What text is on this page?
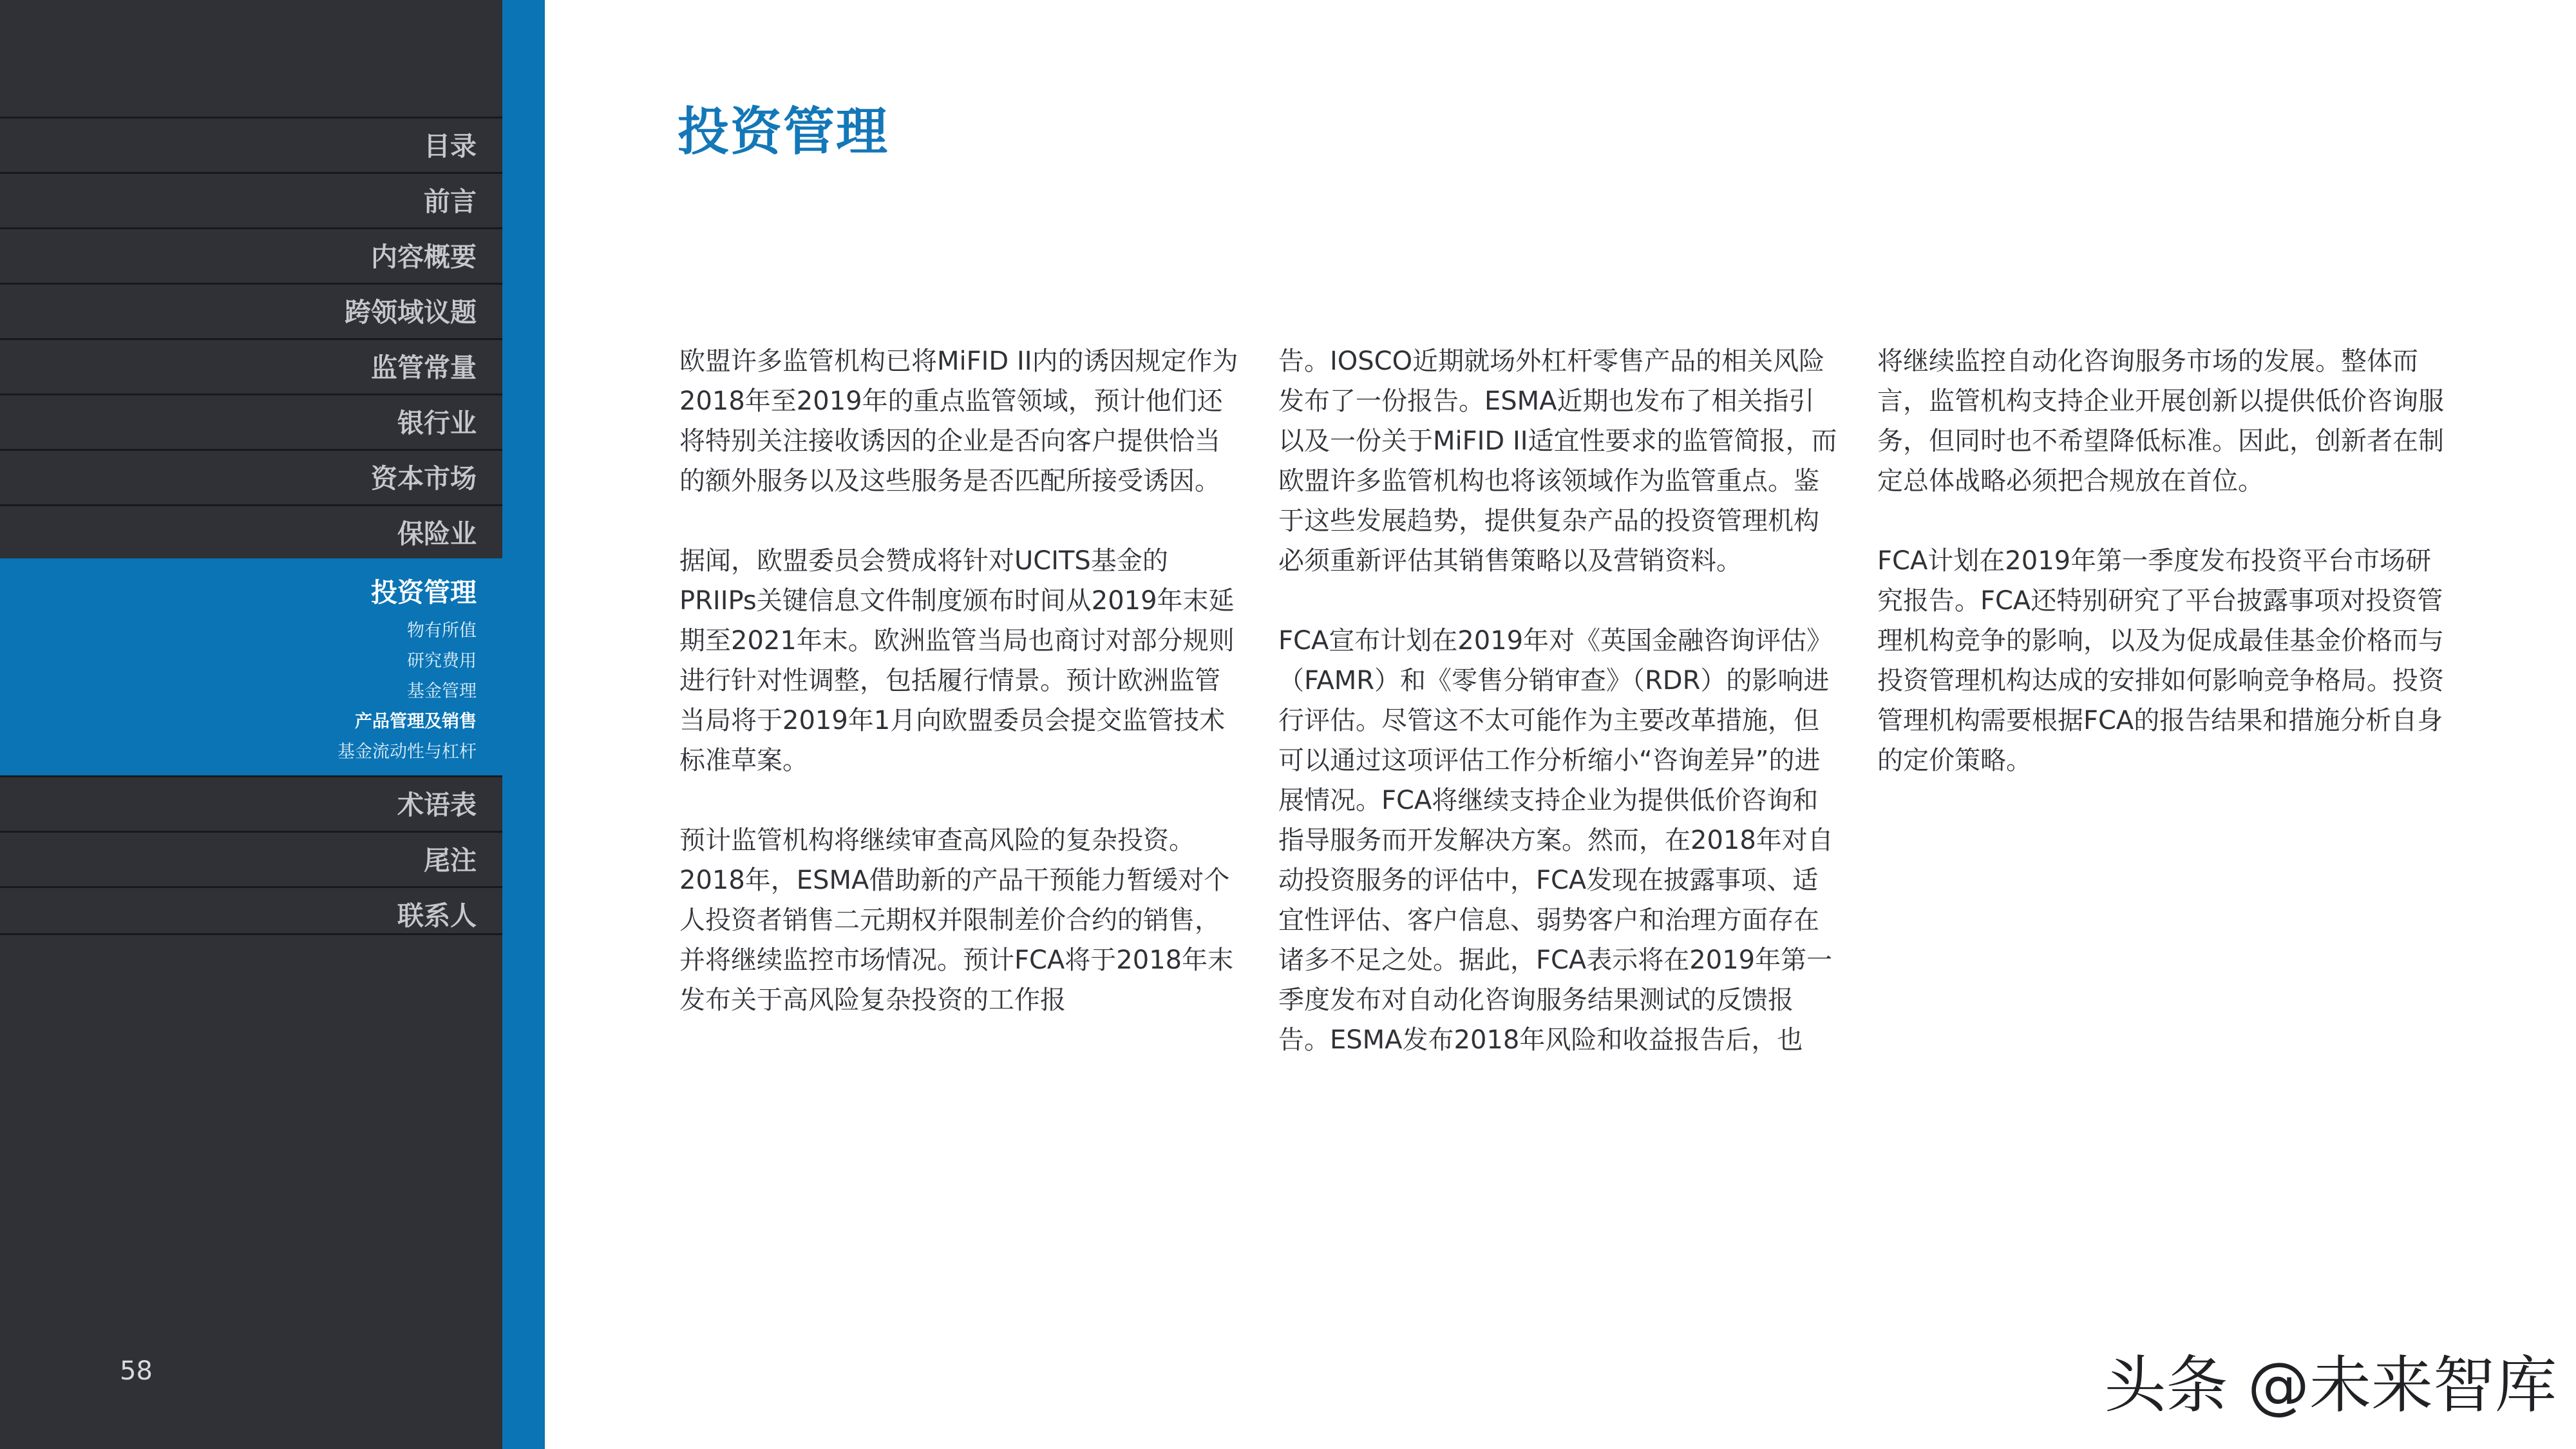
目录
前言
内容概要
跨领域议题
监管常量
银行业
资本市场
保险业
投资管理
物有所值
研究费用
基金管理
产品管理及销售
基金流动性与杠杆
术语表
尾注
联系人
58
投资管理

欧盟许多监管机构已将MiFID II内的诱因规定作为2018年至2019年的重点监管领域，预计他们还将特别关注接收诱因的企业是否向客户提供恰当的额外服务以及这些服务是否匹配所接受诱因。

据闻，欧盟委员会赞成将针对UCITS基金的PRIIPs关键信息文件制度颁布时间从2019年末延期至2021年末。欧洲监管当局也商讨对部分规则进行针对性调整，包括履行情景。预计欧洲监管当局将于2019年1月向欧盟委员会提交监管技术标准草案。

预计监管机构将继续审查高风险的复杂投资。2018年，ESMA借助新的产品干预能力暂缓对个人投资者销售二元期权并限制差价合约的销售，并将继续监控市场情况。预计FCA将于2018年末发布关于高风险复杂投资的工作报

告。IOSCO近期就场外杠杆零售产品的相关风险发布了一份报告。ESMA近期也发布了相关指引以及一份关于MiFID II适宜性要求的监管简报，而欧盟许多监管机构也将该领域作为监管重点。鉴于这些发展趋势，提供复杂产品的投资管理机构必须重新评估其销售策略以及营销资料。

FCA宣布计划在2019年对《英国金融咨询评估》（FAMR）和《零售分销审查》（RDR）的影响进行评估。尽管这不太可能作为主要改革措施，但可以通过这项评估工作分析缩小“咨询差异”的进展情况。FCA将继续支持企业为提供低价咨询和指导服务而开发解决方案。然而，在2018年对自动投资服务的评估中，FCA发现在披露事项、适宜性评估、客户信息、弱势客户和治理方面存在诸多不足之处。据此，FCA表示将在2019年第一季度发布对自动化咨询服务结果测试的反馈报告。ESMA发布2018年风险和收益报告后，也

将继续监控自动化咨询服务市场的发展。整体而言，监管机构支持企业开展创新以提供低价咨询服务，但同时也不希望降低标准。因此，创新者在制定总体战略必须把合规放在首位。

FCA计划在2019年第一季度发布投资平台市场研究报告。FCA还特别研究了平台披露事项对投资管理机构竞争的影响，以及为促成最佳基金价格而与投资管理机构达成的安排如何影响竞争格局。投资管理机构需要根据FCA的报告结果和措施分析自身的定价策略。

头条 @未来智库
